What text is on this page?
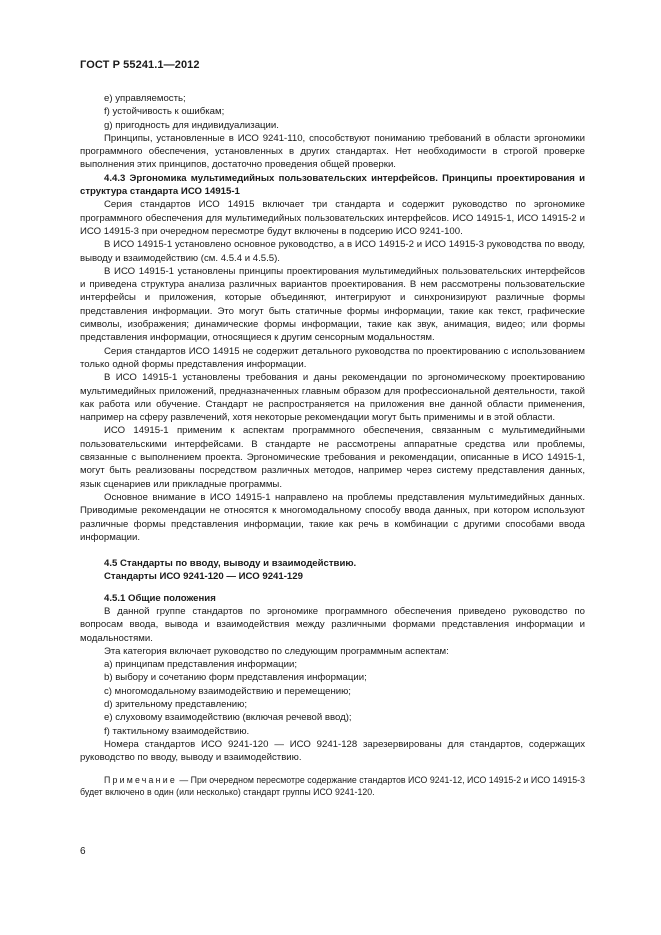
ГОСТ Р 55241.1—2012

e) управляемость;

f) устойчивость к ошибкам;

g) пригодность для индивидуализации.

Принципы, установленные в ИСО 9241-110, способствуют пониманию требований в области эргономики программного обеспечения, установленных в других стандартах. Нет необходимости в строгой проверке выполнения этих принципов, достаточно проведения общей проверки.

4.4.3 Эргономика мультимедийных пользовательских интерфейсов. Принципы проектирования и структура стандарта ИСО 14915-1

Серия стандартов ИСО 14915 включает три стандарта и содержит руководство по эргономике программного обеспечения для мультимедийных пользовательских интерфейсов. ИСО 14915-1, ИСО 14915-2 и ИСО 14915-3 при очередном пересмотре будут включены в подсерию ИСО 9241-100.

В ИСО 14915-1 установлено основное руководство, а в ИСО 14915-2 и ИСО 14915-3 руководства по вводу, выводу и взаимодействию (см. 4.5.4 и 4.5.5).

В ИСО 14915-1 установлены принципы проектирования мультимедийных пользовательских интерфейсов и приведена структура анализа различных вариантов проектирования. В нем рассмотрены пользовательские интерфейсы и приложения, которые объединяют, интегрируют и синхронизируют различные формы представления информации. Это могут быть статичные формы информации, такие как текст, графические символы, изображения; динамические формы информации, такие как звук, анимация, видео; или формы представления информации, относящиеся к другим сенсорным модальностям.

Серия стандартов ИСО 14915 не содержит детального руководства по проектированию с использованием только одной формы представления информации.

В ИСО 14915-1 установлены требования и даны рекомендации по эргономическому проектированию мультимедийных приложений, предназначенных главным образом для профессиональной деятельности, такой как работа или обучение. Стандарт не распространяется на приложения вне данной области применения, например на сферу развлечений, хотя некоторые рекомендации могут быть применимы и в этой области.

ИСО 14915-1 применим к аспектам программного обеспечения, связанным с мультимедийными пользовательскими интерфейсами. В стандарте не рассмотрены аппаратные средства или проблемы, связанные с выполнением проекта. Эргономические требования и рекомендации, описанные в ИСО 14915-1, могут быть реализованы посредством различных методов, например через систему представления данных, язык сценариев или прикладные программы.

Основное внимание в ИСО 14915-1 направлено на проблемы представления мультимедийных данных. Приводимые рекомендации не относятся к многомодальному способу ввода данных, при котором используют различные формы представления информации, такие как речь в комбинации с другими способами ввода информации.

4.5 Стандарты по вводу, выводу и взаимодействию.

Стандарты ИСО 9241-120 — ИСО 9241-129

4.5.1 Общие положения

В данной группе стандартов по эргономике программного обеспечения приведено руководство по вопросам ввода, вывода и взаимодействия между различными формами представления информации и модальностями.

Эта категория включает руководство по следующим программным аспектам:

a) принципам представления информации;

b) выбору и сочетанию форм представления информации;

c) многомодальному взаимодействию и перемещению;

d) зрительному представлению;

e) слуховому взаимодействию (включая речевой ввод);

f) тактильному взаимодействию.

Номера стандартов ИСО 9241-120 — ИСО 9241-128 зарезервированы для стандартов, содержащих руководство по вводу, выводу и взаимодействию.

Примечание — При очередном пересмотре содержание стандартов ИСО 9241-12, ИСО 14915-2 и ИСО 14915-3 будет включено в один (или несколько) стандарт группы ИСО 9241-120.

6
